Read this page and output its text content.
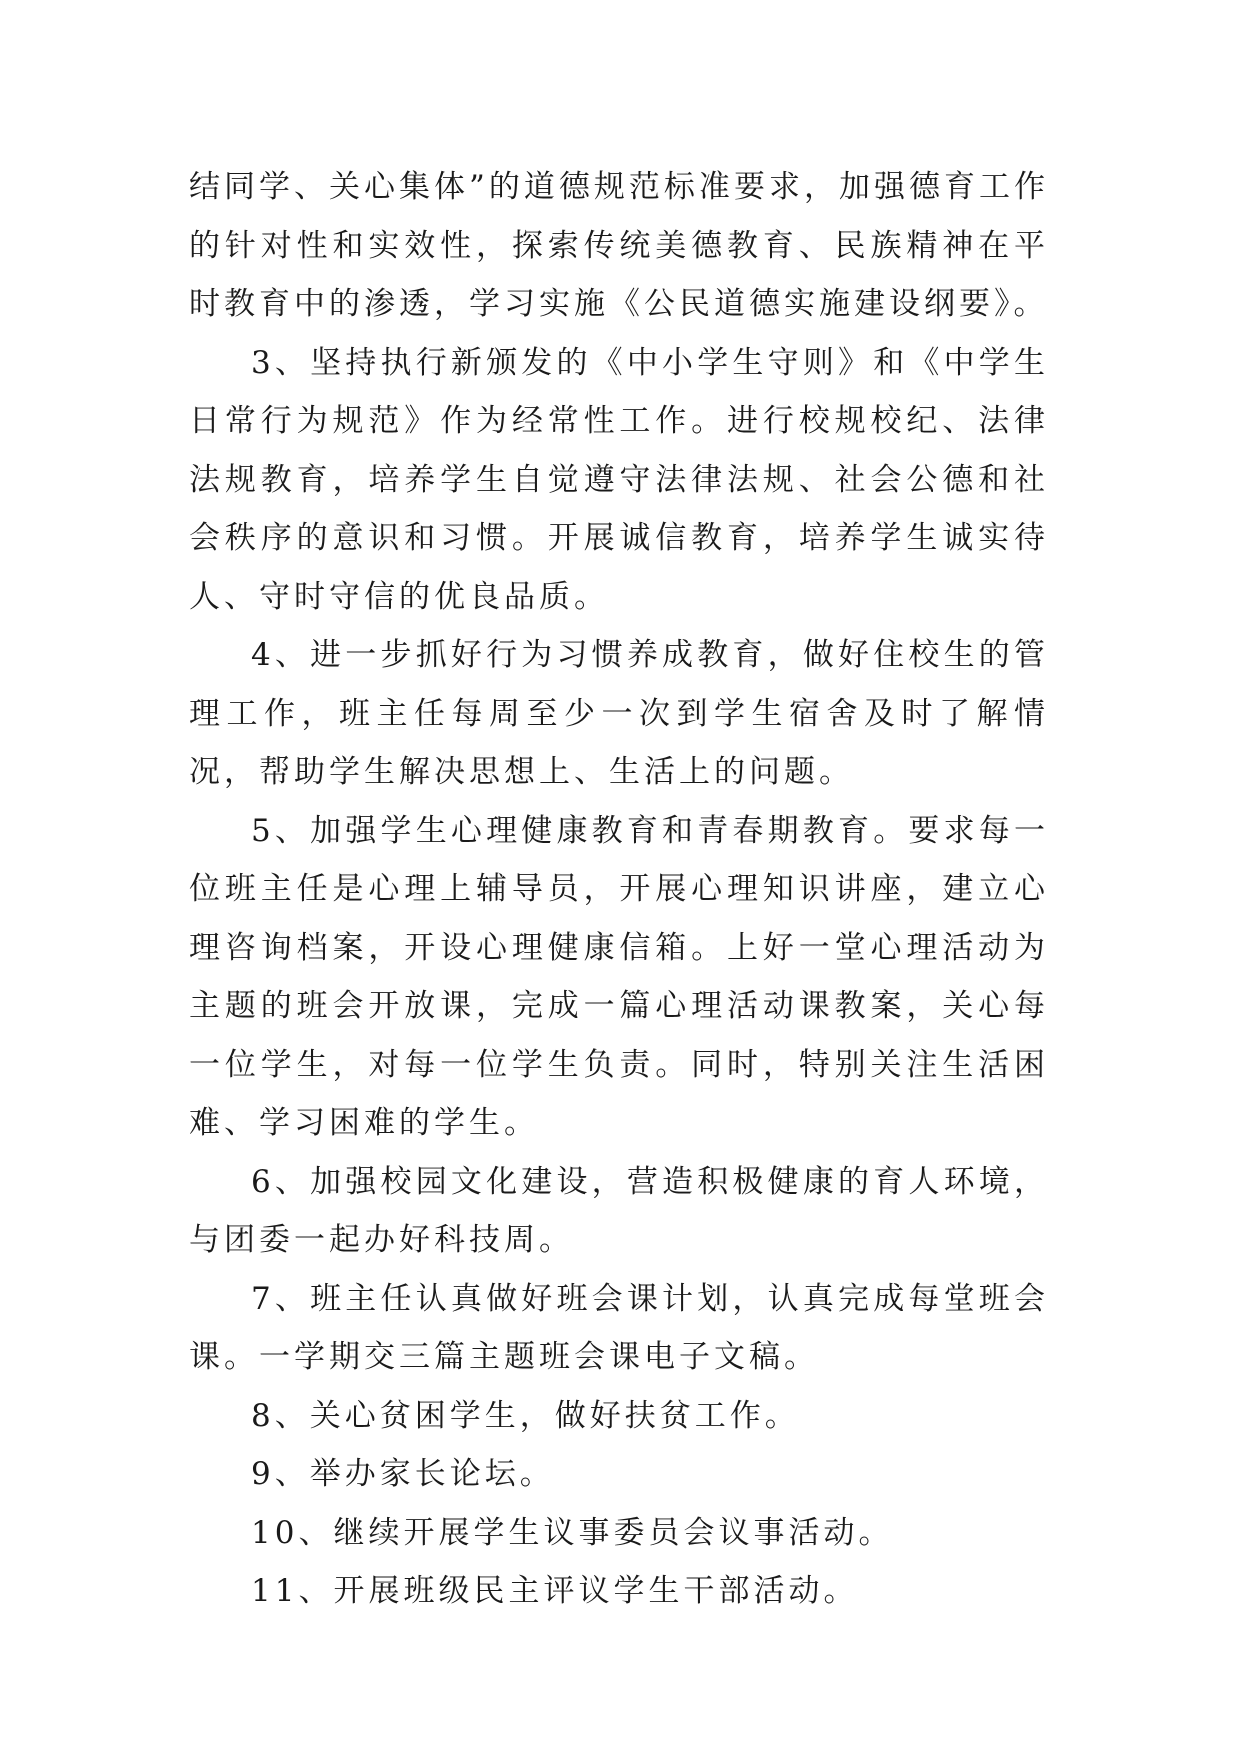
结同学、关心集体”的道德规范标准要求，加强德育工作的针对性和实效性，探索传统美德教育、民族精神在平时教育中的渗透，学习实施《公民道德实施建设纲要》。

3、坚持执行新颁发的《中小学生守则》和《中学生日常行为规范》作为经常性工作。进行校规校纪、法律法规教育，培养学生自觉遵守法律法规、社会公德和社会秩序的意识和习惯。开展诚信教育，培养学生诚实待人、守时守信的优良品质。

4、进一步抓好行为习惯养成教育，做好住校生的管理工作，班主任每周至少一次到学生宿舍及时了解情况，帮助学生解决思想上、生活上的问题。

5、加强学生心理健康教育和青春期教育。要求每一位班主任是心理上辅导员，开展心理知识讲座，建立心理咨询档案，开设心理健康信箱。上好一堂心理活动为主题的班会开放课，完成一篇心理活动课教案，关心每一位学生，对每一位学生负责。同时，特别关注生活困难、学习困难的学生。

6、加强校园文化建设，营造积极健康的育人环境，与团委一起办好科技周。

7、班主任认真做好班会课计划，认真完成每堂班会课。一学期交三篇主题班会课电子文稿。

8、关心贫困学生，做好扶贫工作。

9、举办家长论坛。

10、继续开展学生议事委员会议事活动。

11、开展班级民主评议学生干部活动。
